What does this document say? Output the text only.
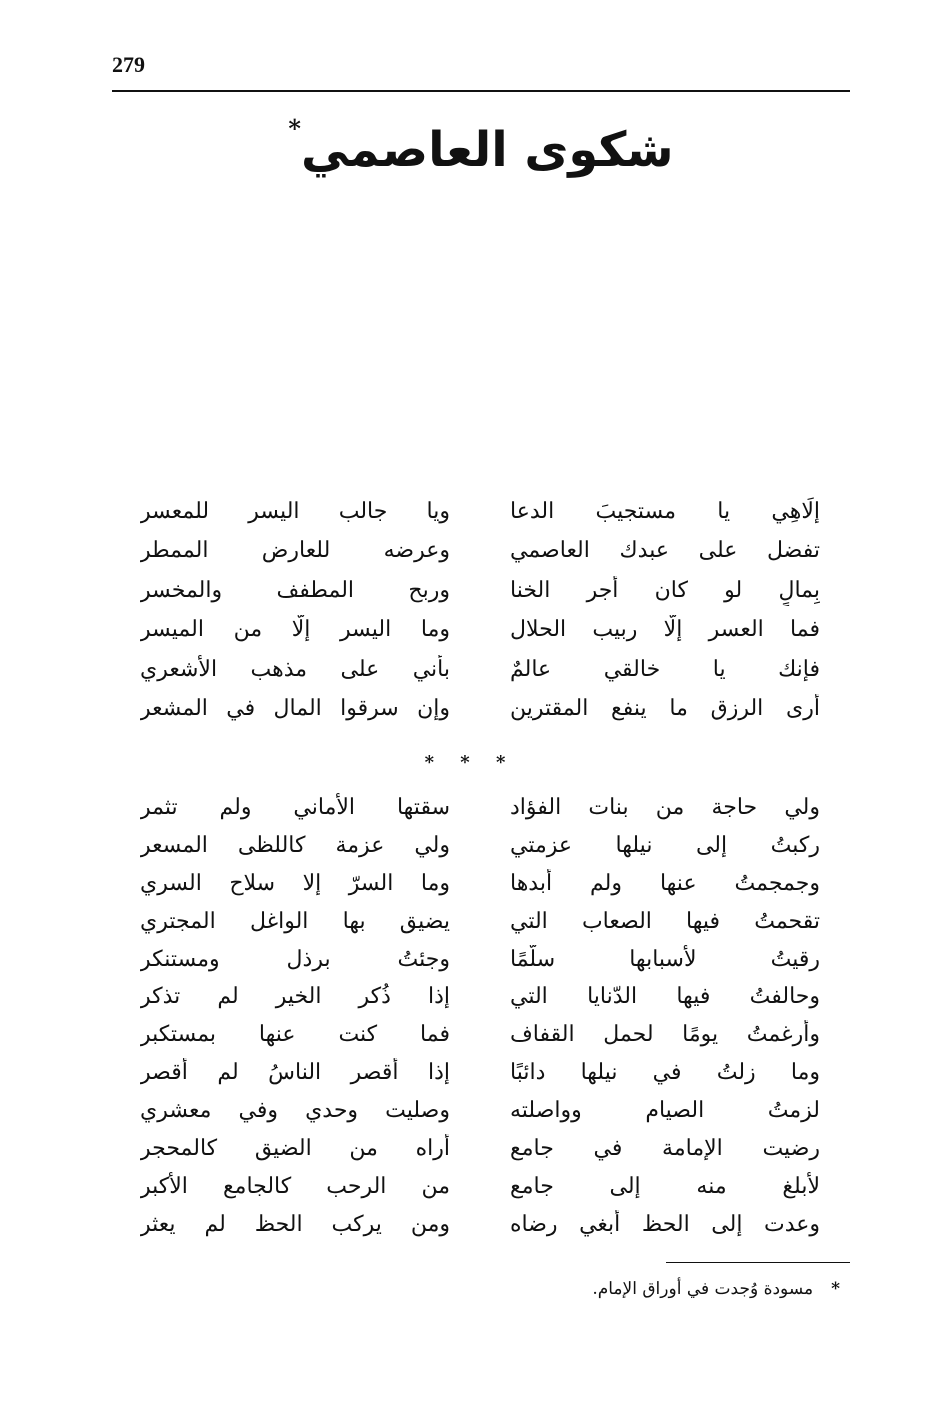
279
شكوى العاصمي*
إلَاهِي يا مستجيبَ الدعا
ويا جالب اليسر للمعسر
تفضل على عبدك العاصمي
وعرضه للعارض الممطر
بِمالٍ لو كان أجر الخنا
وربح المطفف والمخسر
فما العسر إلّا ربيب الحلال
وما اليسر إلّا من الميسر
فإنك يا خالقي عالمٌ
بأني على مذهب الأشعري
أرى الرزق ما ينفع المقترين
وإن سرقوا المال في المشعر
* * *
ولي حاجة من بنات الفؤاد
سقتها الأماني ولم تثمر
ركبتُ إلى نيلها عزمتي
ولي عزمة كاللظى المسعر
وجمجمتُ عنها ولم أبدها
وما السرّ إلا سلاح السري
تقحمتُ فيها الصعاب التي
يضيق بها الواغل المجتري
رقيتُ لأسبابها سلّمًا
وجئتُ برذل ومستنكر
وحالفتُ فيها الدّنايا التي
إذا ذُكر الخير لم تذكر
وأُرغمتُ يومًا لحمل القفاف
فما كنت عنها بمستكبر
وما زلتُ في نيلها دائبًا
إذا أقصر الناسُ لم أقصر
لزمتُ الصيام وواصلته
وصليت وحدي وفي معشري
رضيت الإمامة في جامع
أراه من الضيق كالمحجر
لأبلغ منه إلى جامع
من الرحب كالجامع الأكبر
وعدت إلى الحظ أبغي رضاه
ومن يركب الحظ لم يعثر
*مسودة وُجدت في أوراق الإمام.
